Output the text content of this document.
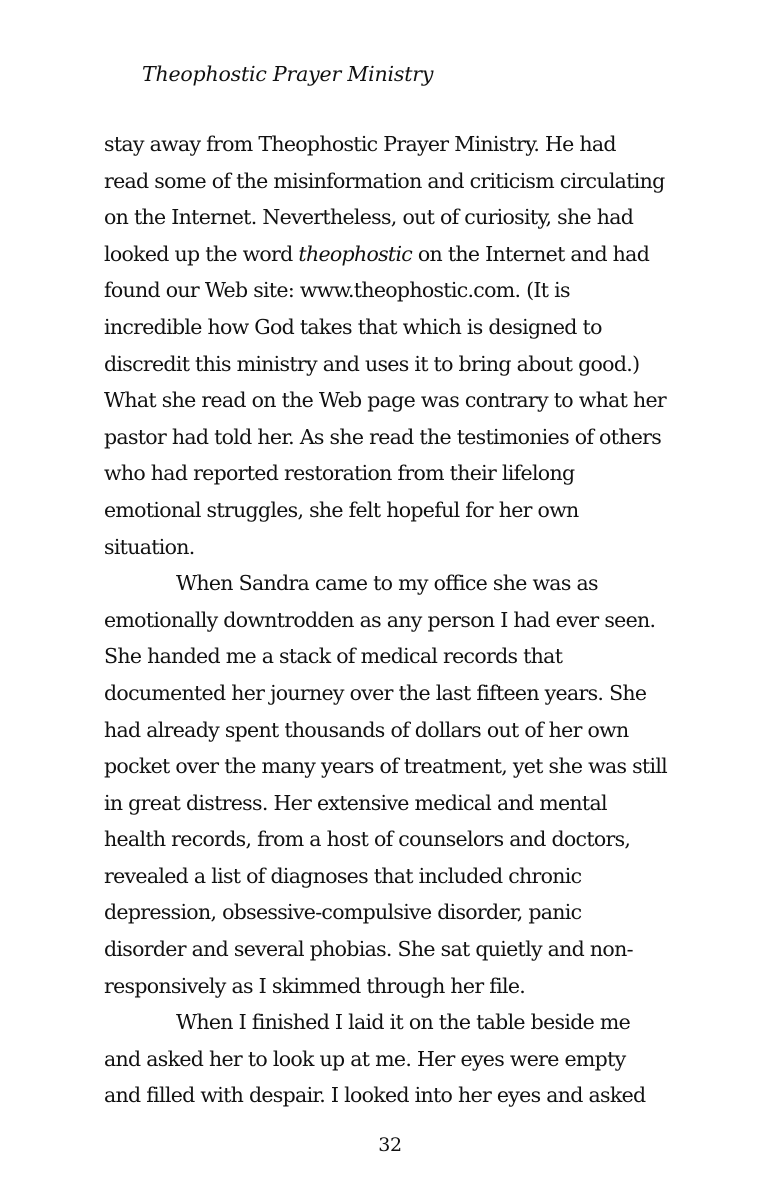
Theophostic Prayer Ministry
stay away from Theophostic Prayer Ministry. He had
read some of the misinformation and criticism circulating
on the Internet. Nevertheless, out of curiosity, she had
looked up the word theophostic on the Internet and had
found our Web site: www.theophostic.com. (It is
incredible how God takes that which is designed to
discredit this ministry and uses it to bring about good.)
What she read on the Web page was contrary to what her
pastor had told her. As she read the testimonies of others
who had reported restoration from their lifelong
emotional struggles, she felt hopeful for her own
situation.
When Sandra came to my office she was as
emotionally downtrodden as any person I had ever seen.
She handed me a stack of medical records that
documented her journey over the last fifteen years. She
had already spent thousands of dollars out of her own
pocket over the many years of treatment, yet she was still
in great distress. Her extensive medical and mental
health records, from a host of counselors and doctors,
revealed a list of diagnoses that included chronic
depression, obsessive-compulsive disorder, panic
disorder and several phobias. She sat quietly and non-
responsively as I skimmed through her file.
When I finished I laid it on the table beside me
and asked her to look up at me. Her eyes were empty
and filled with despair. I looked into her eyes and asked
32
